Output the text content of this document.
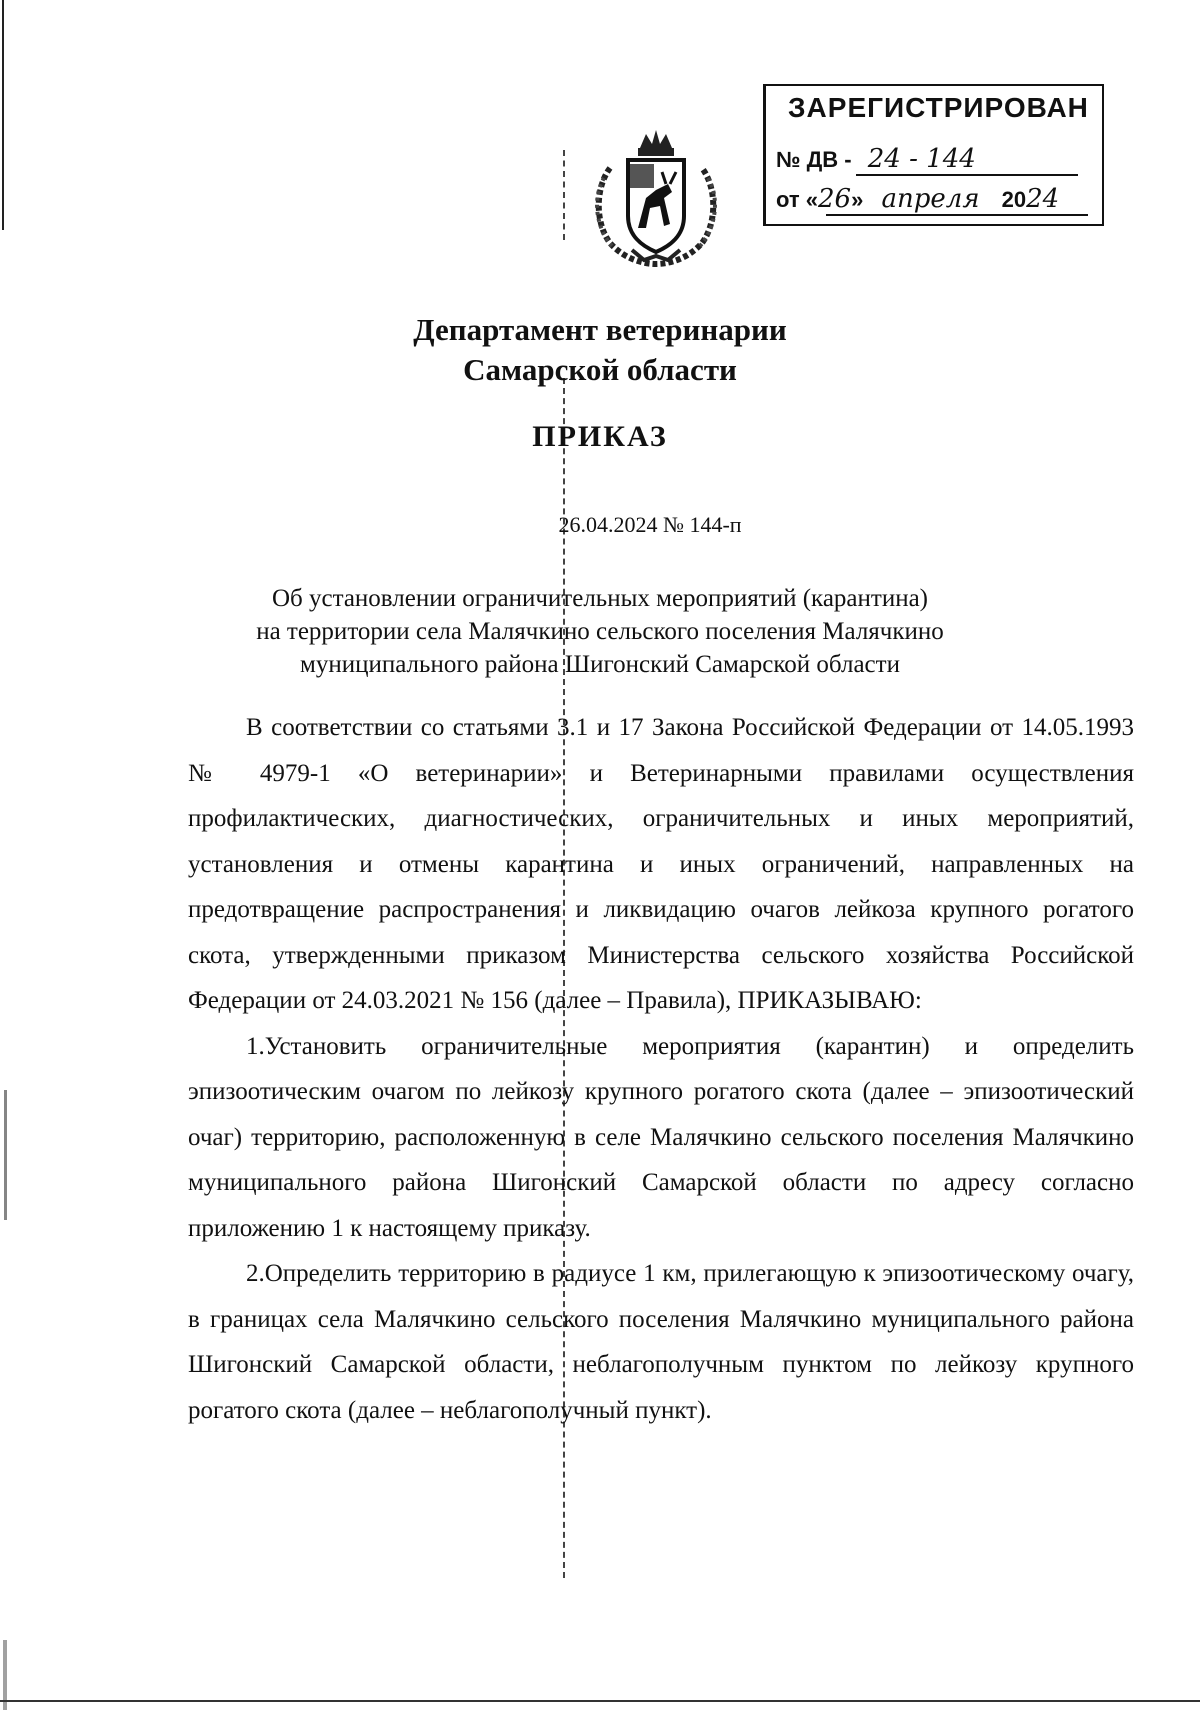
ЗАРЕГИСТРИРОВАН
№ ДВ - 24 - 144
от «26» апреля 2024
Департамент ветеринарии
Самарской области
ПРИКАЗ
26.04.2024 № 144-п
Об установлении ограничительных мероприятий (карантина)
на территории села Малячкино сельского поселения Малячкино
муниципального района Шигонский Самарской области

В соответствии со статьями 3.1 и 17 Закона Российской Федерации от 14.05.1993 № 4979-1 «О ветеринарии» и Ветеринарными правилами осуществления профилактических, диагностических, ограничительных и иных мероприятий, установления и отмены карантина и иных ограничений, направленных на предотвращение распространения и ликвидацию очагов лейкоза крупного рогатого скота, утвержденными приказом Министерства сельского хозяйства Российской Федерации от 24.03.2021 № 156 (далее – Правила), ПРИКАЗЫВАЮ:

1.Установить ограничительные мероприятия (карантин) и определить эпизоотическим очагом по лейкозу крупного рогатого скота (далее – эпизоотический очаг) территорию, расположенную в селе Малячкино сельского поселения Малячкино муниципального района Шигонский Самарской области по адресу согласно приложению 1 к настоящему приказу.

2.Определить территорию в радиусе 1 км, прилегающую к эпизоотическому очагу, в границах села Малячкино сельского поселения Малячкино муниципального района Шигонский Самарской области, неблагополучным пунктом по лейкозу крупного рогатого скота (далее – неблагополучный пункт).
